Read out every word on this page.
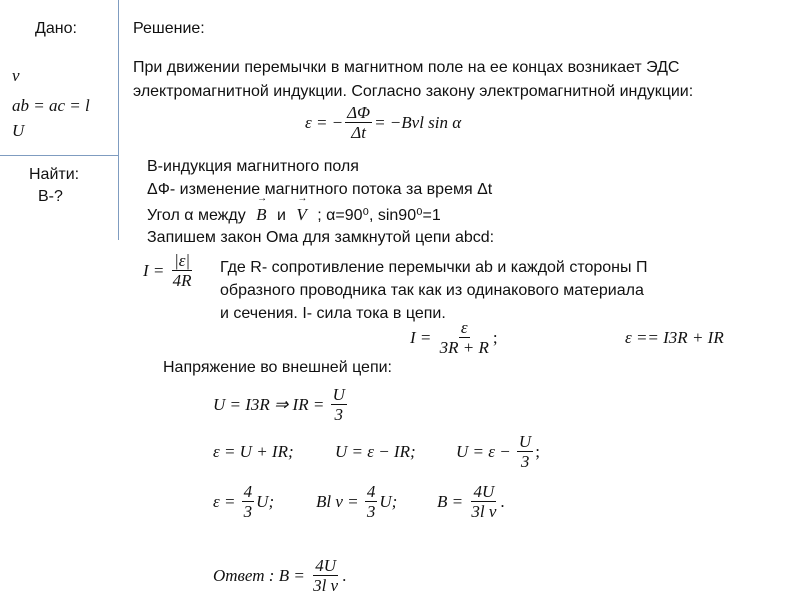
Дано:
ν
ab = ac = l
U
Найти:
B-?
Решение:
При движении перемычки в магнитном поле на ее концах возникает ЭДС
электромагнитной индукции. Согласно закону электромагнитной индукции:
ε = − $\frac{\Delta\Phi}{\Delta t} = -B\nu l$ sin α
B-индукция магнитного поля
ΔФ- изменение магнитного потока за время Δt
Угол α между → B и → V ; α=90⁰, sin90⁰=1
Запишем закон Ома для замкнутой цепи abcd:
$I = \frac{|\varepsilon|}{4R}$ Где R- сопротивление перемычки ab и каждой стороны П
образного проводника так как из одинакового материала
и сечения. I- сила тока в цепи.
$I = \frac{\varepsilon}{3R + R}$ ;	ε == I3R + IR
Напряжение во внешней цепи:
U = I3R ⇒ IR = $\frac{U}{3}$
ε = U + IR; U = ε − IR; $U = \varepsilon - \frac{U}{3}$ ;
$\varepsilon = \frac{4}{3} U$; Bl $\nu = \frac{4}{3} U$; $B = \frac{4U}{\text{3l ν}}$ .
Ответ : $B = \frac{4U}{\text{3l ν}}$ .
